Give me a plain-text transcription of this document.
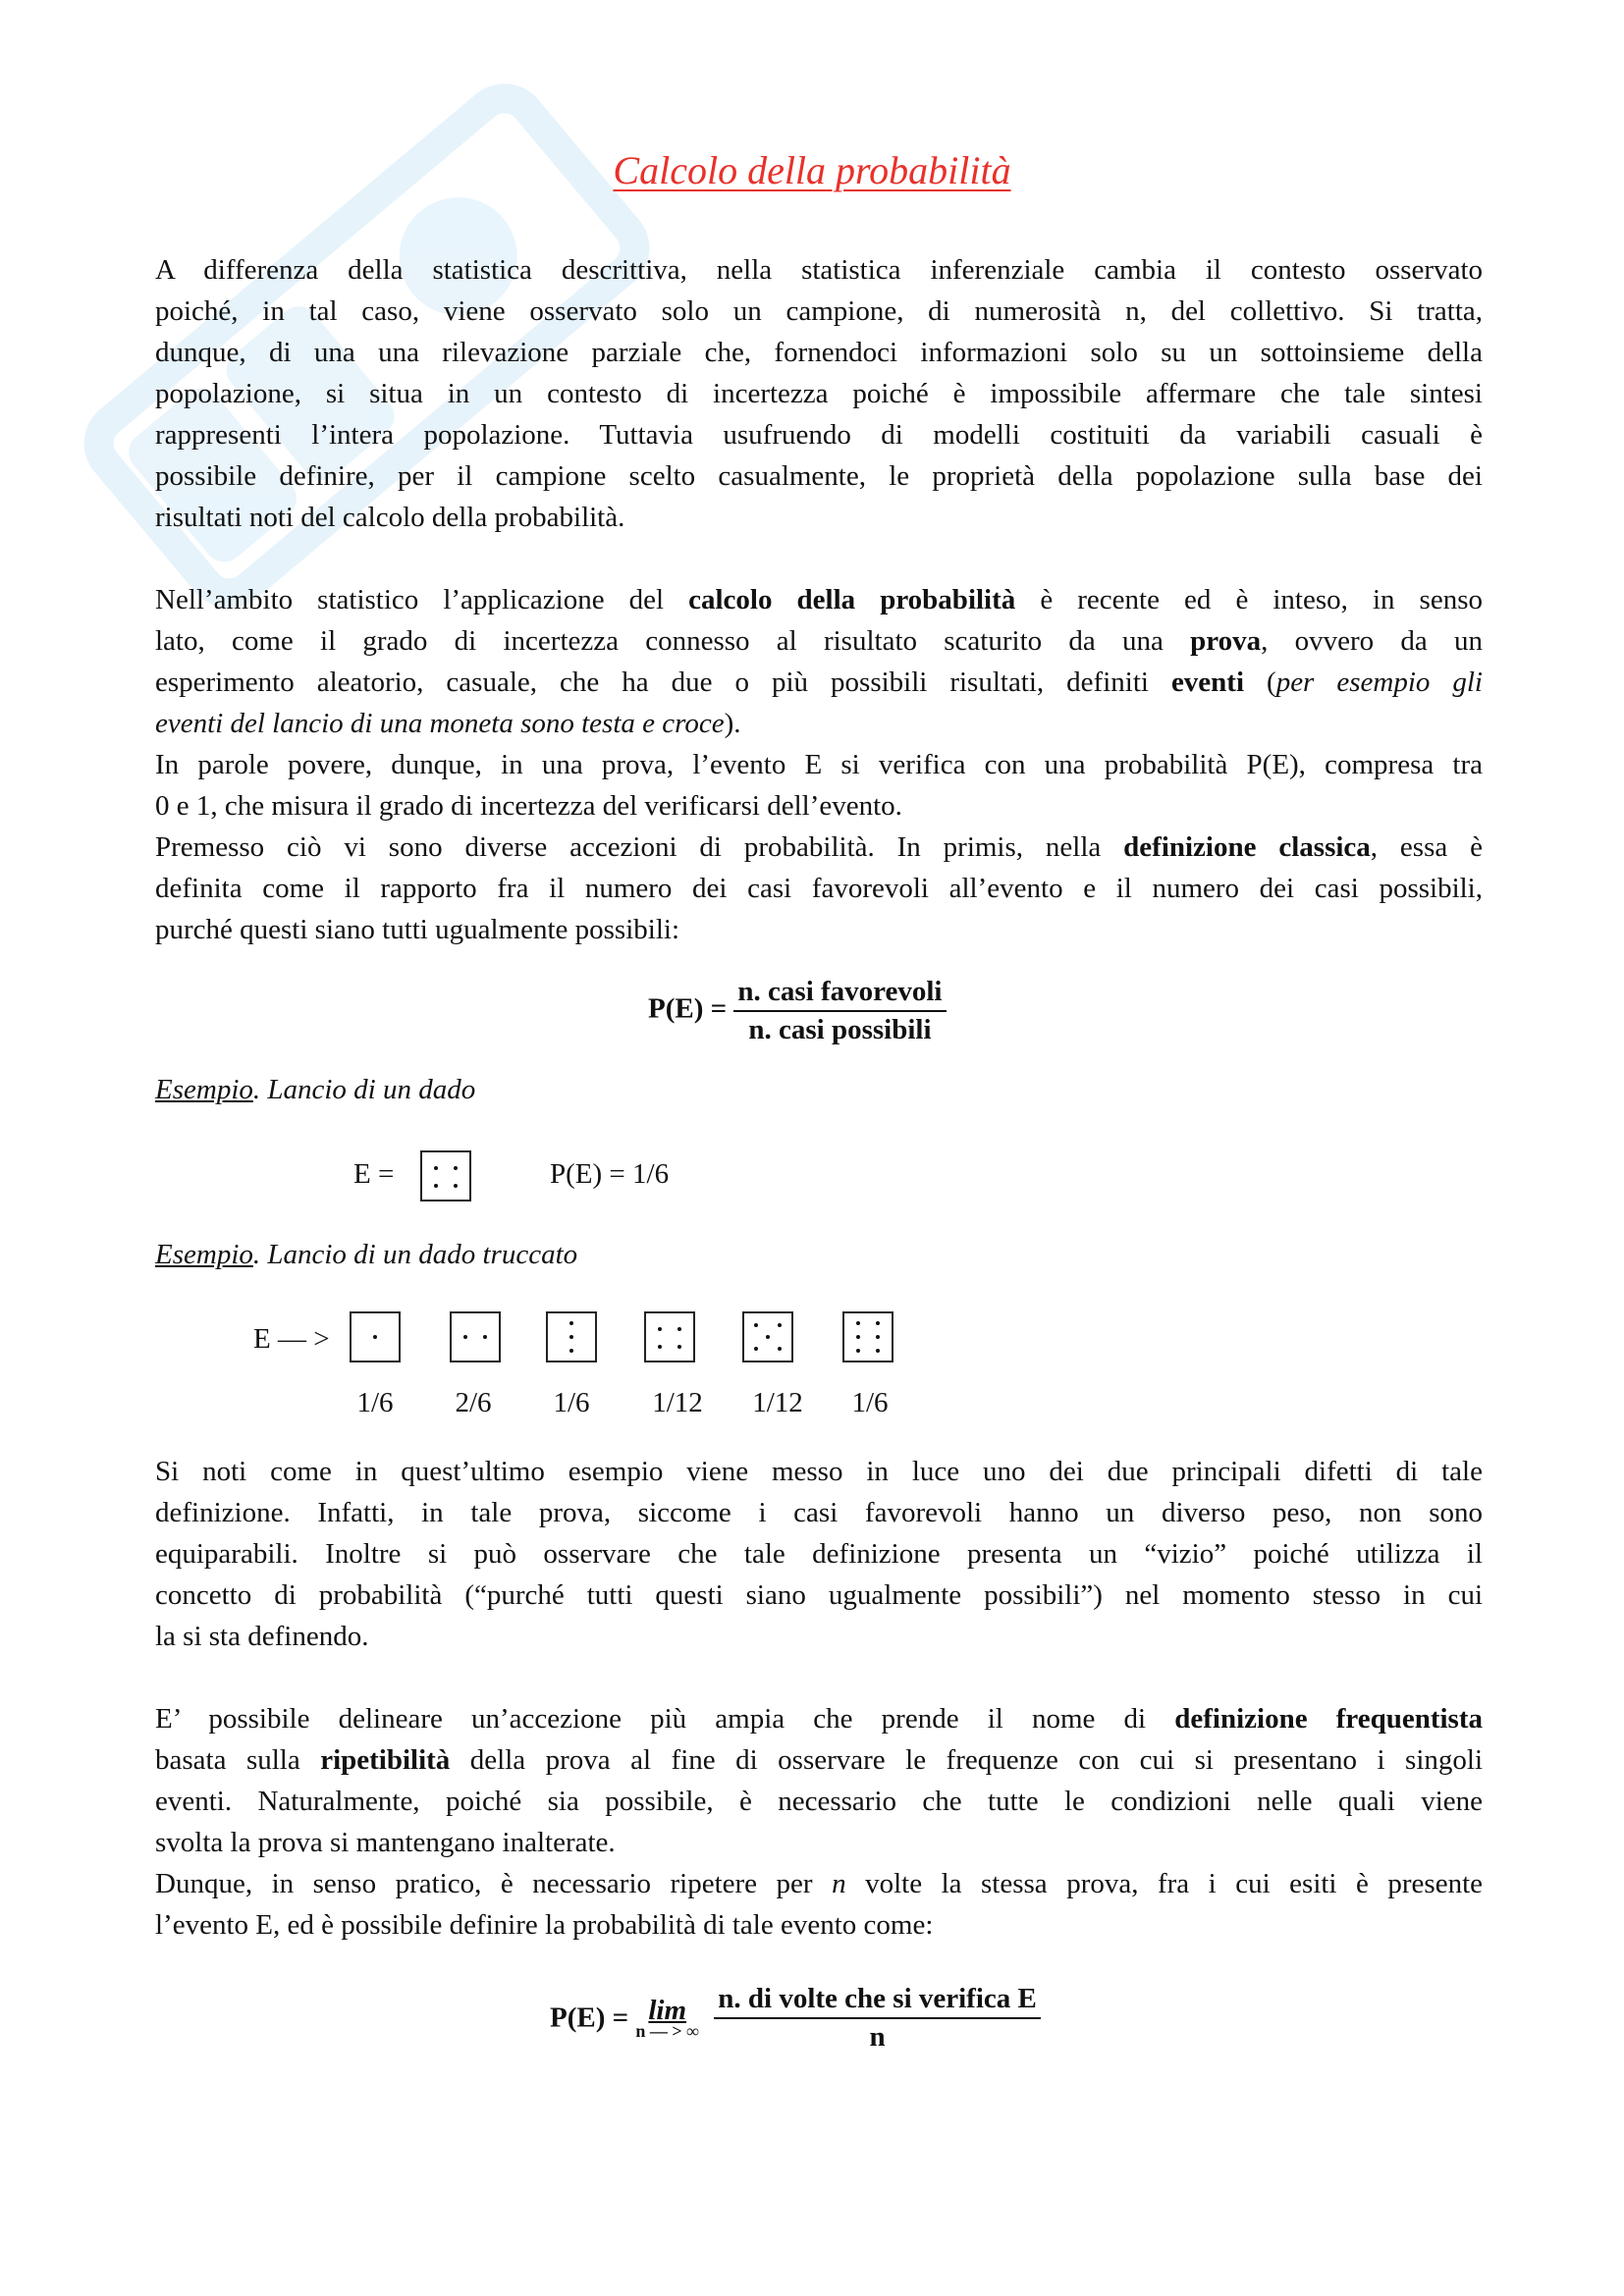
Calcolo della probabilità
A differenza della statistica descrittiva, nella statistica inferenziale cambia il contesto osservato
poiché, in tal caso, viene osservato solo un campione, di numerosità n, del collettivo. Si tratta,
dunque, di una una rilevazione parziale che, fornendoci informazioni solo su un sottoinsieme della
popolazione, si situa in un contesto di incertezza poiché è impossibile affermare che tale sintesi
rappresenti l’intera popolazione. Tuttavia usufruendo di modelli costituiti da variabili casuali è
possibile definire, per il campione scelto casualmente, le proprietà della popolazione sulla base dei
risultati noti del calcolo della probabilità.
Nell’ambito statistico l’applicazione del calcolo della probabilità è recente ed è inteso, in senso
lato, come il grado di incertezza connesso al risultato scaturito da una prova, ovvero da un
esperimento aleatorio, casuale, che ha due o più possibili risultati, definiti eventi (per esempio gli
eventi del lancio di una moneta sono testa e croce).
In parole povere, dunque, in una prova, l’evento E si verifica con una probabilità P(E), compresa tra
0 e 1, che misura il grado di incertezza del verificarsi dell’evento.
Premesso ciò vi sono diverse accezioni di probabilità. In primis, nella definizione classica, essa è
definita come il rapporto fra il numero dei casi favorevoli all’evento e il numero dei casi possibili,
purché questi siano tutti ugualmente possibili:
$P(E) = \frac{\text{n. casi favorevoli}}{\text{n. casi possibili}}$
Esempio. Lancio di un dado
E =	P(E) = 1/6
Esempio. Lancio di un dado truccato
E — >
1/6	2/6	1/6	1/12	1/12	1/6
Si noti come in quest’ultimo esempio viene messo in luce uno dei due principali difetti di tale
definizione. Infatti, in tale prova, siccome i casi favorevoli hanno un diverso peso, non sono
equiparabili. Inoltre si può osservare che tale definizione presenta un “vizio” poiché utilizza il
concetto di probabilità (“purché tutti questi siano ugualmente possibili”) nel momento stesso in cui
la si sta definendo.
E’ possibile delineare un’accezione più ampia che prende il nome di definizione frequentista
basata sulla ripetibilità della prova al fine di osservare le frequenze con cui si presentano i singoli
eventi. Naturalmente, poiché sia possibile, è necessario che tutte le condizioni nelle quali viene
svolta la prova si mantengano inalterate.
Dunque, in senso pratico, è necessario ripetere per n volte la stessa prova, fra i cui esiti è presente
l’evento E, ed è possibile definire la probabilità di tale evento come:
P(E) = lim
n — > ∞
$\frac{\text{n. di volte che si verifica E}}{n}$
